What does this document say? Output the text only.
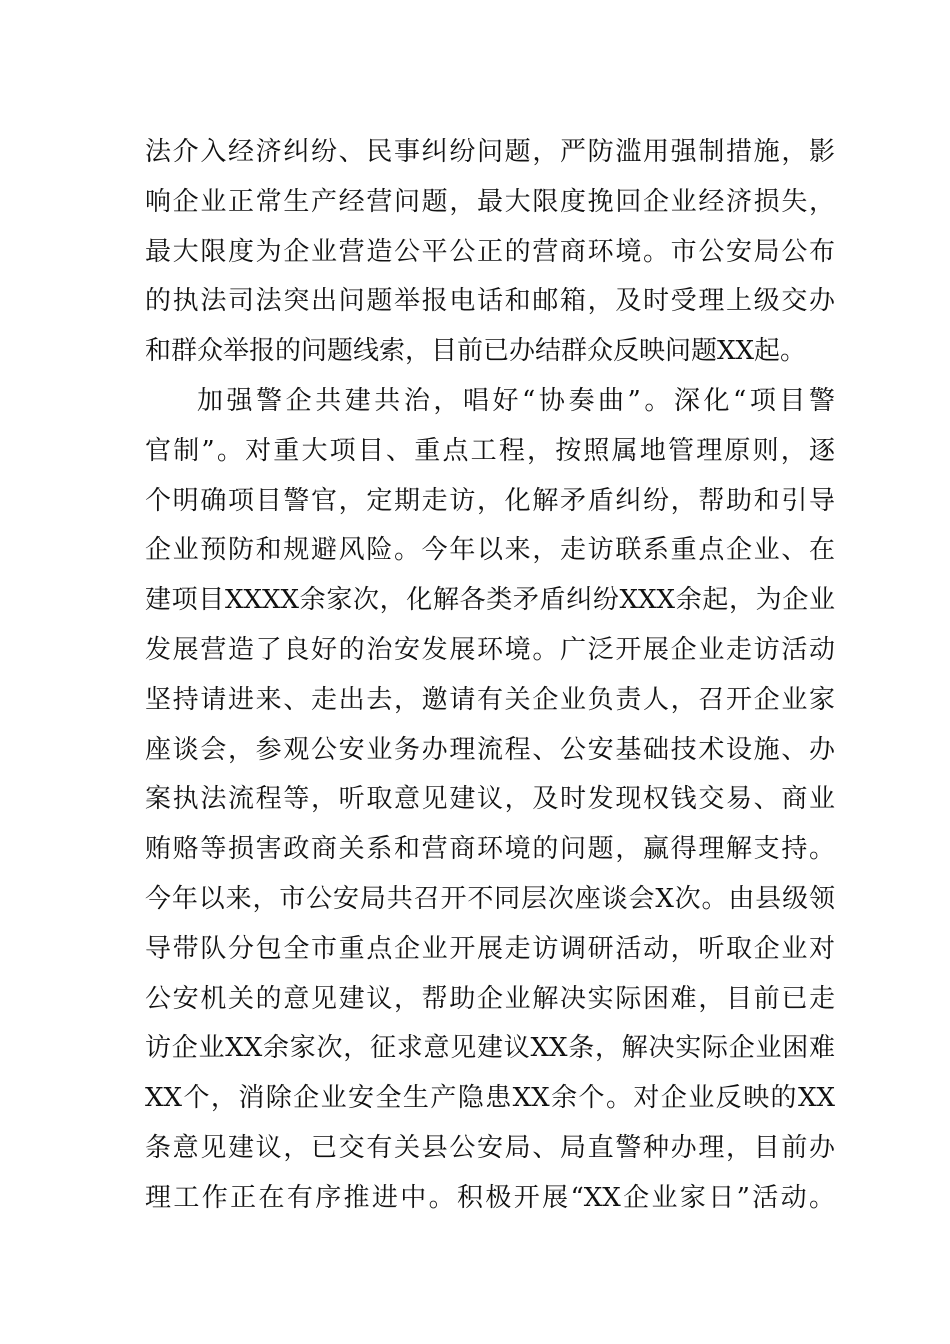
法介入经济纠纷、民事纠纷问题，严防滥用强制措施，影
响企业正常生产经营问题，最大限度挽回企业经济损失，
最大限度为企业营造公平公正的营商环境。市公安局公布
的执法司法突出问题举报电话和邮箱，及时受理上级交办
和群众举报的问题线索，目前已办结群众反映问题XX起。
加强警企共建共治，唱好“协奏曲”。深化“项目警
官制”。对重大项目、重点工程，按照属地管理原则，逐
个明确项目警官，定期走访，化解矛盾纠纷，帮助和引导
企业预防和规避风险。今年以来，走访联系重点企业、在
建项目XXXX余家次，化解各类矛盾纠纷XXX余起，为企业
发展营造了良好的治安发展环境。广泛开展企业走访活动
坚持请进来、走出去，邀请有关企业负责人，召开企业家
座谈会，参观公安业务办理流程、公安基础技术设施、办
案执法流程等，听取意见建议，及时发现权钱交易、商业
贿赂等损害政商关系和营商环境的问题，赢得理解支持。
今年以来，市公安局共召开不同层次座谈会X次。由县级领
导带队分包全市重点企业开展走访调研活动，听取企业对
公安机关的意见建议，帮助企业解决实际困难，目前已走
访企业XX余家次，征求意见建议XX条，解决实际企业困难
XX个，消除企业安全生产隐患XX余个。对企业反映的XX
条意见建议，已交有关县公安局、局直警种办理，目前办
理工作正在有序推进中。积极开展“XX企业家日”活动。
